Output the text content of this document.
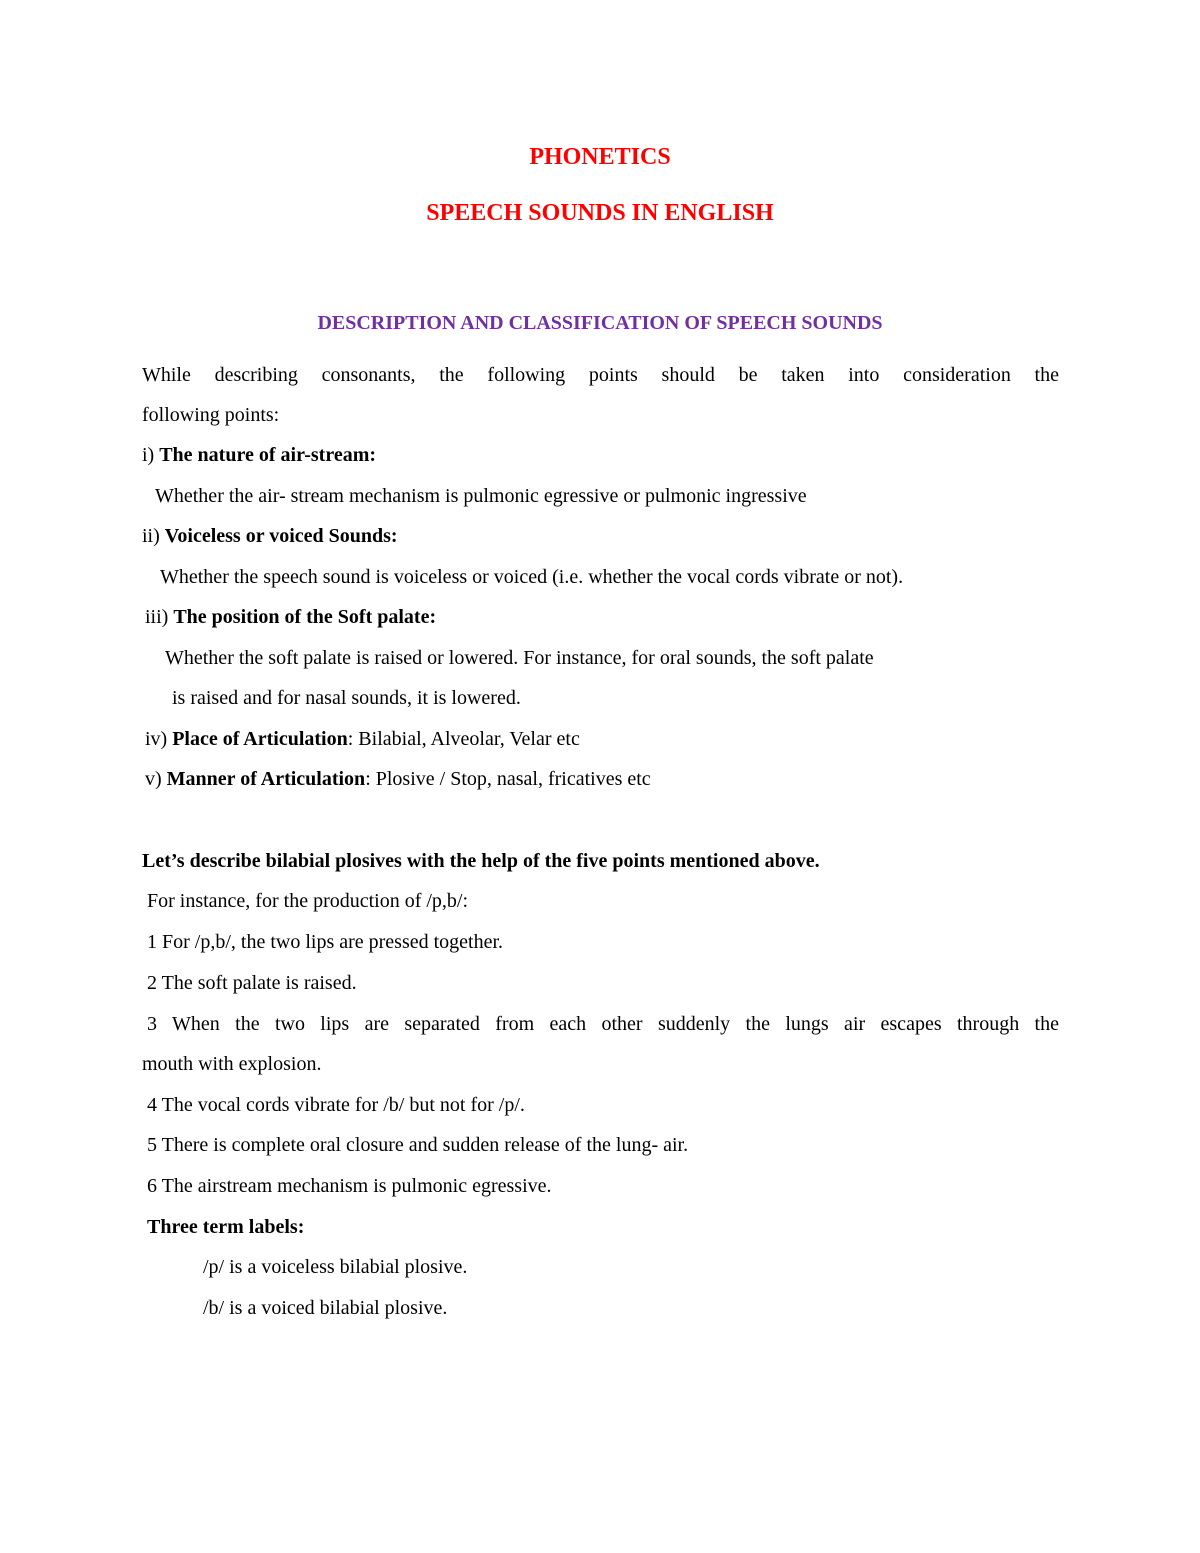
PHONETICS
SPEECH SOUNDS IN ENGLISH
DESCRIPTION AND CLASSIFICATION OF SPEECH SOUNDS
While describing consonants, the following points should be taken into consideration the
following points:
i) The nature of air-stream:
Whether the air- stream mechanism is pulmonic egressive or pulmonic ingressive
ii) Voiceless or voiced Sounds:
Whether the speech sound is voiceless or voiced (i.e. whether the vocal cords vibrate or not).
iii) The position of the Soft palate:
Whether the soft palate is raised or lowered. For instance, for oral sounds, the soft palate
is raised and for nasal sounds, it is lowered.
iv) Place of Articulation: Bilabial, Alveolar, Velar etc
v) Manner of Articulation: Plosive / Stop, nasal, fricatives etc
Let’s describe bilabial plosives with the help of the five points mentioned above.
For instance, for the production of /p,b/:
1 For /p,b/, the two lips are pressed together.
2 The soft palate is raised.
3 When the two lips are separated from each other suddenly the lungs air escapes through the
mouth with explosion.
4 The vocal cords vibrate for /b/ but not for /p/.
5 There is complete oral closure and sudden release of the lung- air.
6 The airstream mechanism is pulmonic egressive.
Three term labels:
/p/ is a voiceless bilabial plosive.
/b/ is a voiced bilabial plosive.
